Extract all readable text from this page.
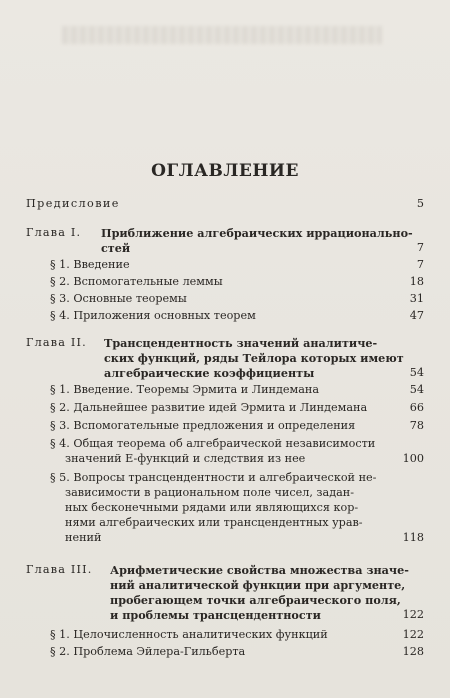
ОГЛАВЛЕНИЕ
Предисловие	5
Глава I. Приближение алгебраических иррационально-
стей	7
§ 1. Введение	7
§ 2. Вспомогательные леммы	18
§ 3. Основные теоремы	31
§ 4. Приложения основных теорем	47
Глава II. Трансцендентность значений аналитиче-
ских функций, ряды Тейлора которых имеют
алгебраические коэффициенты	54
§ 1. Введение. Теоремы Эрмита и Линдемана	54
§ 2. Дальнейшее развитие идей Эрмита и Линдемана	66
§ 3. Вспомогательные предложения и определения	78
§ 4. Общая теорема об алгебраической независимости
значений E-функций и следствия из нее	100
§ 5. Вопросы трансцендентности и алгебраической не-
зависимости в рациональном поле чисел, задан-
ных бесконечными рядами или являющихся кор-
нями алгебраических или трансцендентных урав-
нений	118
Глава III. Арифметические свойства множества значе-
ний аналитической функции при аргументе,
пробегающем точки алгебраического поля,
и проблемы трансцендентности	122
§ 1. Целочисленность аналитических функций	122
§ 2. Проблема Эйлера-Гильберта	128
